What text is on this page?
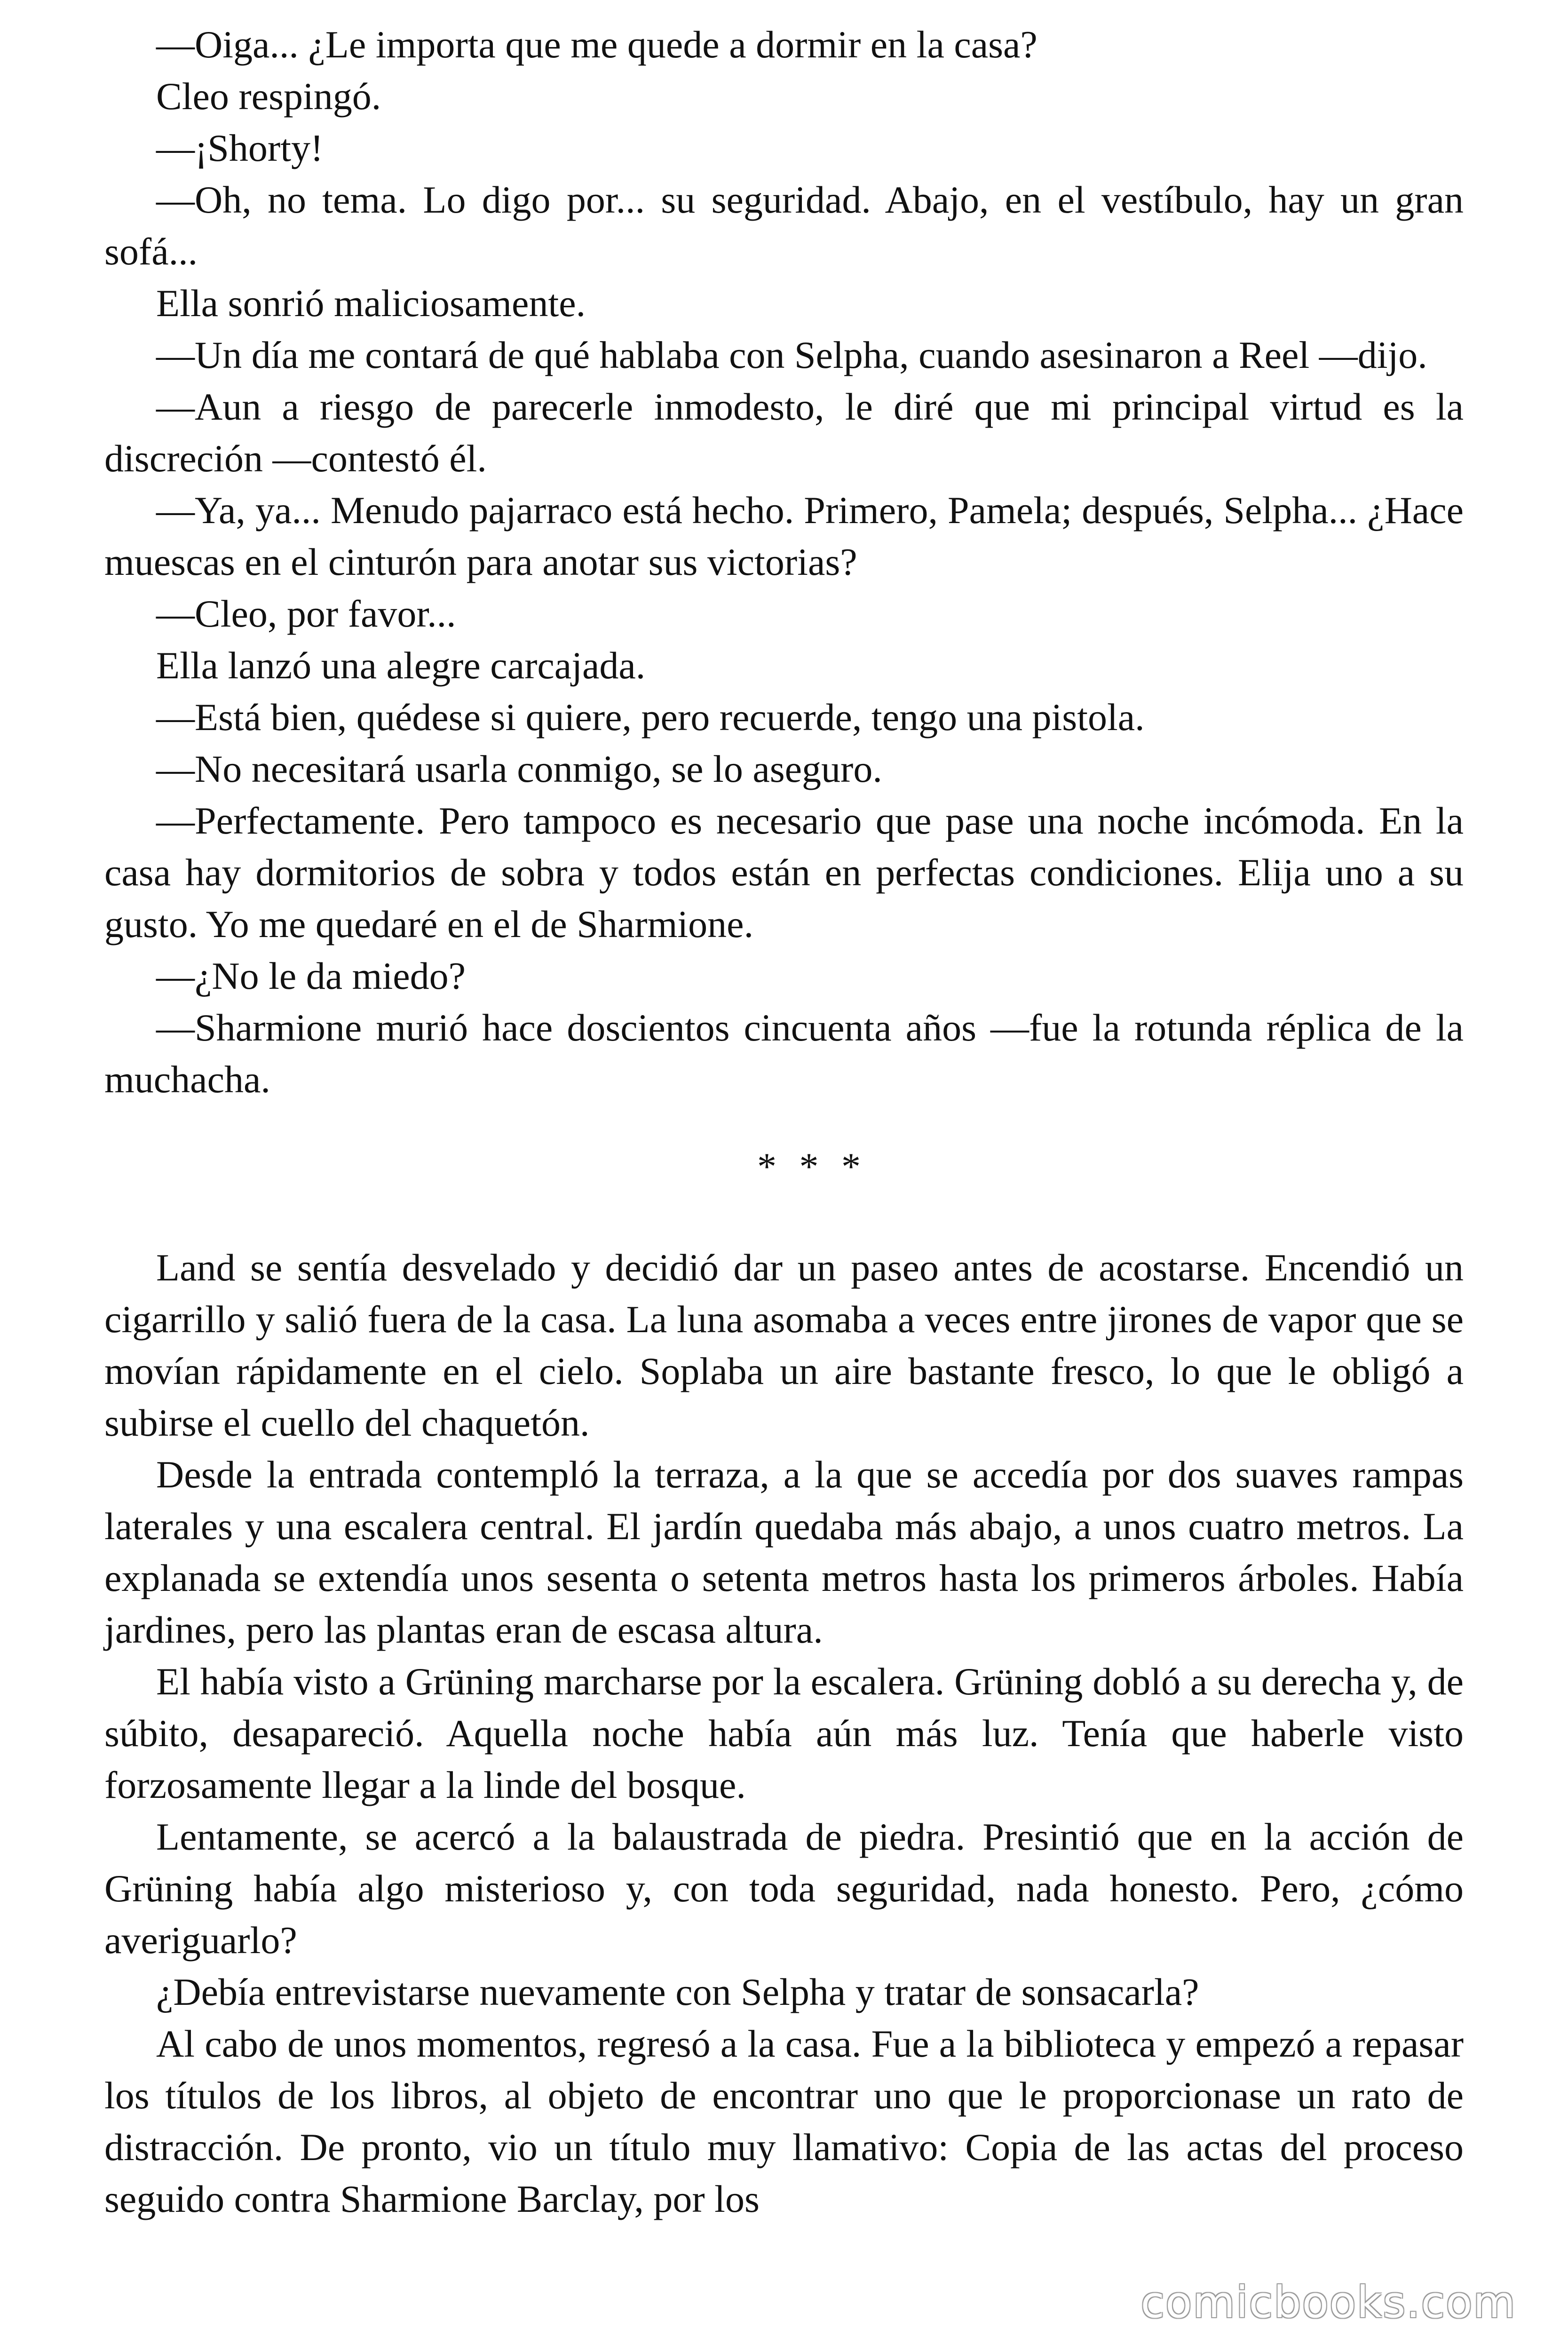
—Oiga... ¿Le importa que me quede a dormir en la casa?

Cleo respingó.

—¡Shorty!

—Oh, no tema. Lo digo por... su seguridad. Abajo, en el vestíbulo, hay un gran sofá...

Ella sonrió maliciosamente.

—Un día me contará de qué hablaba con Selpha, cuando asesinaron a Reel —dijo.

—Aun a riesgo de parecerle inmodesto, le diré que mi principal virtud es la discreción —contestó él.

—Ya, ya... Menudo pajarraco está hecho. Primero, Pamela; después, Selpha... ¿Hace muescas en el cinturón para anotar sus victorias?

—Cleo, por favor...

Ella lanzó una alegre carcajada.

—Está bien, quédese si quiere, pero recuerde, tengo una pistola.

—No necesitará usarla conmigo, se lo aseguro.

—Perfectamente. Pero tampoco es necesario que pase una noche incómoda. En la casa hay dormitorios de sobra y todos están en perfectas condiciones. Elija uno a su gusto. Yo me quedaré en el de Sharmione.

—¿No le da miedo?

—Sharmione murió hace doscientos cincuenta años —fue la rotunda réplica de la muchacha.

* * *

Land se sentía desvelado y decidió dar un paseo antes de acostarse. Encendió un cigarrillo y salió fuera de la casa. La luna asomaba a veces entre jirones de vapor que se movían rápidamente en el cielo. Soplaba un aire bastante fresco, lo que le obligó a subirse el cuello del chaquetón.

Desde la entrada contempló la terraza, a la que se accedía por dos suaves rampas laterales y una escalera central. El jardín quedaba más abajo, a unos cuatro metros. La explanada se extendía unos sesenta o setenta metros hasta los primeros árboles. Había jardines, pero las plantas eran de escasa altura.

El había visto a Grüning marcharse por la escalera. Grüning dobló a su derecha y, de súbito, desapareció. Aquella noche había aún más luz. Tenía que haberle visto forzosamente llegar a la linde del bosque.

Lentamente, se acercó a la balaustrada de piedra. Presintió que en la acción de Grüning había algo misterioso y, con toda seguridad, nada honesto. Pero, ¿cómo averiguarlo?

¿Debía entrevistarse nuevamente con Selpha y tratar de sonsacarla?

Al cabo de unos momentos, regresó a la casa. Fue a la biblioteca y empezó a repasar los títulos de los libros, al objeto de encontrar uno que le proporcionase un rato de distracción. De pronto, vio un título muy llamativo: Copia de las actas del proceso seguido contra Sharmione Barclay, por los

comicbooks.com
